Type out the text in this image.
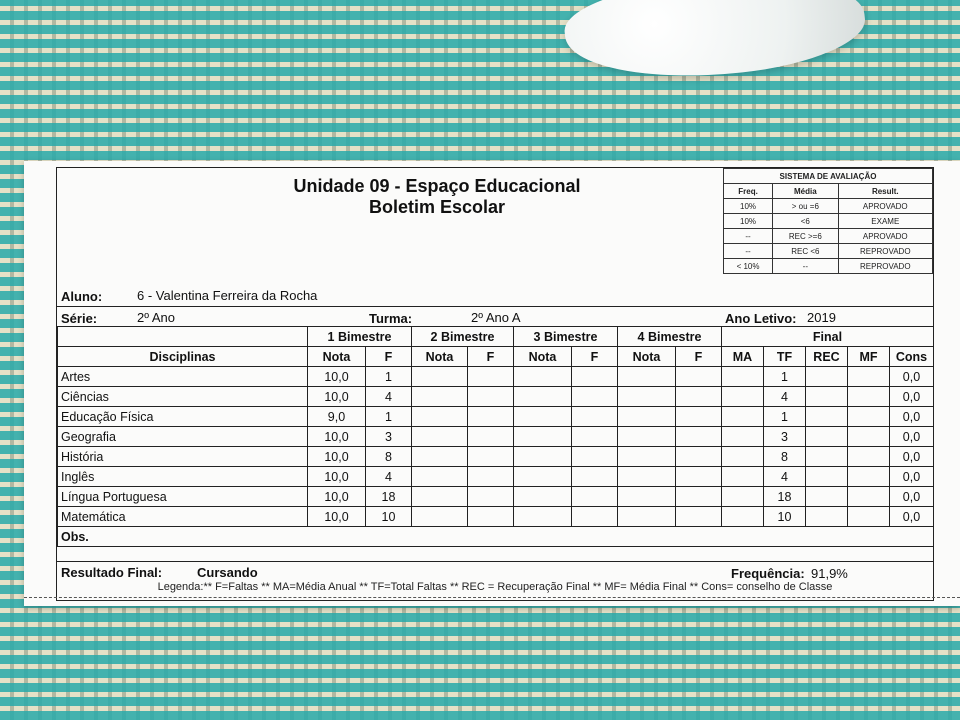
Unidade 09 - Espaço Educacional
Boletim Escolar
SISTEMA DE AVALIAÇÃO		
Freq.	Média	Result.
10%	> ou =6	APROVADO
10%	<6	EXAME
--	REC >=6	APROVADO
--	REC <6	REPROVADO
< 10%	--	REPROVADO
Aluno:	6 - Valentina Ferreira da Rocha
Série:	2º Ano	Turma:	2º Ano A	Ano Letivo: 2019
	1 Bimestre		2 Bimestre		3 Bimestre		4 Bimestre		Final				
Disciplinas	Nota	F	Nota	F	Nota	F	Nota	F	MA	TF	REC	MF	Cons
Artes	10,0	1								1			0,0
Ciências	10,0	4								4			0,0
Educação Física	9,0	1								1			0,0
Geografia	10,0	3								3			0,0
História	10,0	8								8			0,0
Inglês	10,0	4								4			0,0
Língua Portuguesa	10,0	18								18			0,0
Matemática	10,0	10								10			0,0
Obs.													
Resultado Final:	Cursando	Frequência: 91,9%
Legenda:** F=Faltas ** MA=Média Anual ** TF=Total Faltas ** REC = Recuperação Final ** MF= Média Final ** Cons= conselho de Classe
